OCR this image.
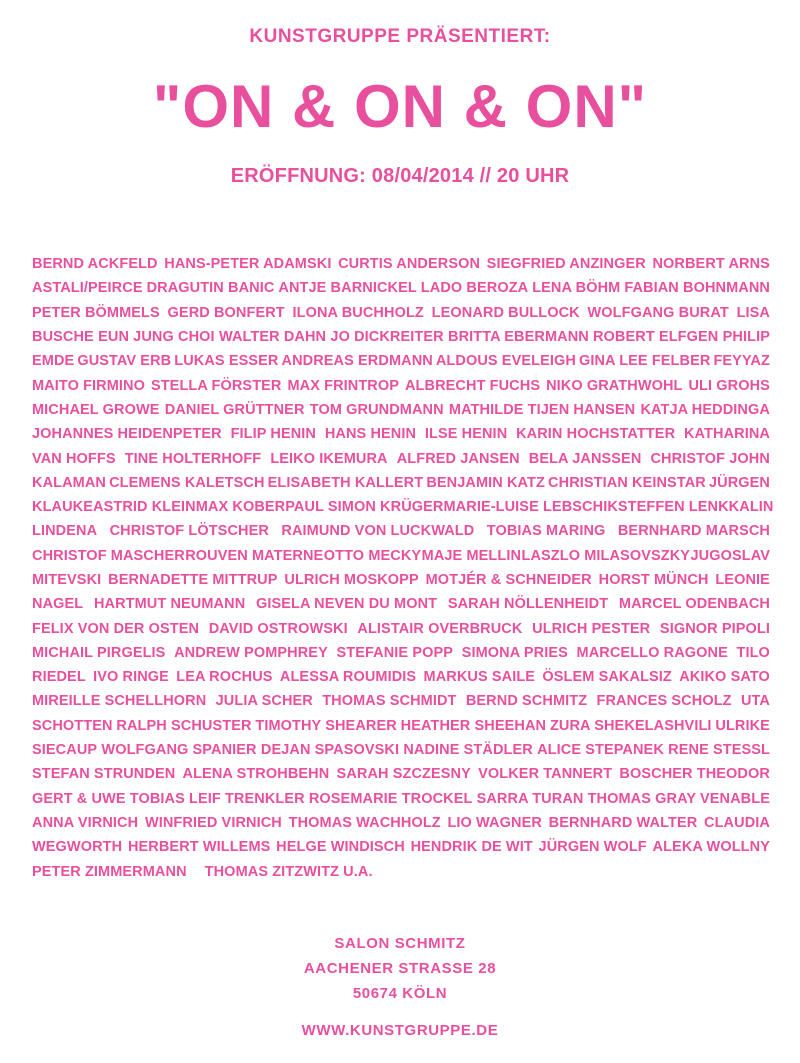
KUNSTGRUPPE PRÄSENTIERT:
"ON & ON & ON"
ERÖFFNUNG: 08/04/2014 // 20 UHR
BERND ACKFELD HANS-PETER ADAMSKI CURTIS ANDERSON SIEGFRIED ANZINGER NORBERT ARNS
ASTALI/PEIRCE DRAGUTIN BANIC ANTJE BARNICKEL LADO BEROZA LENA BÖHM FABIAN BOHNMANN
PETER BÖMMELS GERD BONFERT ILONA BUCHHOLZ LEONARD BULLOCK WOLFGANG BURAT LISA
BUSCHE EUN JUNG CHOI WALTER DAHN JO DICKREITER BRITTA EBERMANN ROBERT ELFGEN PHILIP
EMDE GUSTAV ERB LUKAS ESSER ANDREAS ERDMANN ALDOUS EVELEIGH GINA LEE FELBER FEYYAZ
MAITO FIRMINO STELLA FÖRSTER MAX FRINTROP ALBRECHT FUCHS NIKO GRATHWOHL ULI GROHS
MICHAEL GROWE DANIEL GRÜTTNER TOM GRUNDMANN MATHILDE TIJEN HANSEN KATJA HEDDINGA
JOHANNES HEIDENPETER FILIP HENIN HANS HENIN ILSE HENIN KARIN HOCHSTATTER KATHARINA
VAN HOFFS TINE HOLTERHOFF LEIKO IKEMURA ALFRED JANSEN BELA JANSSEN CHRISTOF JOHN
KALAMAN CLEMENS KALETSCH ELISABETH KALLERT BENJAMIN KATZ CHRISTIAN KEINSTAR JÜRGEN
KLAUKE ASTRID KLEIN MAX KOBER PAUL SIMON KRÜGER MARIE-LUISE LEBSCHIK STEFFEN LENK KALIN
LINDENA CHRISTOF LÖTSCHER RAIMUND VON LUCKWALD TOBIAS MARING BERNHARD MARSCH
CHRISTOF MASCHER ROUVEN MATERNE OTTO MECKY MAJE MELLIN LASZLO MILASOVSZKY JUGOSLAV
MITEVSKI BERNADETTE MITTRUP ULRICH MOSKOPP MOTJÉR & SCHNEIDER HORST MÜNCH LEONIE
NAGEL HARTMUT NEUMANN GISELA NEVEN DU MONT SARAH NÖLLENHEIDT MARCEL ODENBACH
FELIX VON DER OSTEN DAVID OSTROWSKI ALISTAIR OVERBRUCK ULRICH PESTER SIGNOR PIPOLI
MICHAIL PIRGELIS ANDREW POMPHREY STEFANIE POPP SIMONA PRIES MARCELLO RAGONE TILO
RIEDEL IVO RINGE LEA ROCHUS ALESSA ROUMIDIS MARKUS SAILE ÖSLEM SAKALSIZ AKIKO SATO
MIREILLE SCHELLHORN JULIA SCHER THOMAS SCHMIDT BERND SCHMITZ FRANCES SCHOLZ UTA
SCHOTTEN RALPH SCHUSTER TIMOTHY SHEARER HEATHER SHEEHAN ZURA SHEKELASHVILI ULRIKE
SIECAUP WOLFGANG SPANIER DEJAN SPASOVSKI NADINE STÄDLER ALICE STEPANEK RENE STESSL
STEFAN STRUNDEN ALENA STROHBEHN SARAH SZCZESNY VOLKER TANNERT BOSCHER THEODOR
GERT & UWE TOBIAS LEIF TRENKLER ROSEMARIE TROCKEL SARRA TURAN THOMAS GRAY VENABLE
ANNA VIRNICH WINFRIED VIRNICH THOMAS WACHHOLZ LIO WAGNER BERNHARD WALTER CLAUDIA
WEGWORTH HERBERT WILLEMS HELGE WINDISCH HENDRIK DE WIT JÜRGEN WOLF ALEKA WOLLNY
PETER ZIMMERMANN THOMAS ZITZWITZ U.A.
SALON SCHMITZ
AACHENER STRASSE 28
50674 KÖLN
WWW.KUNSTGRUPPE.DE
